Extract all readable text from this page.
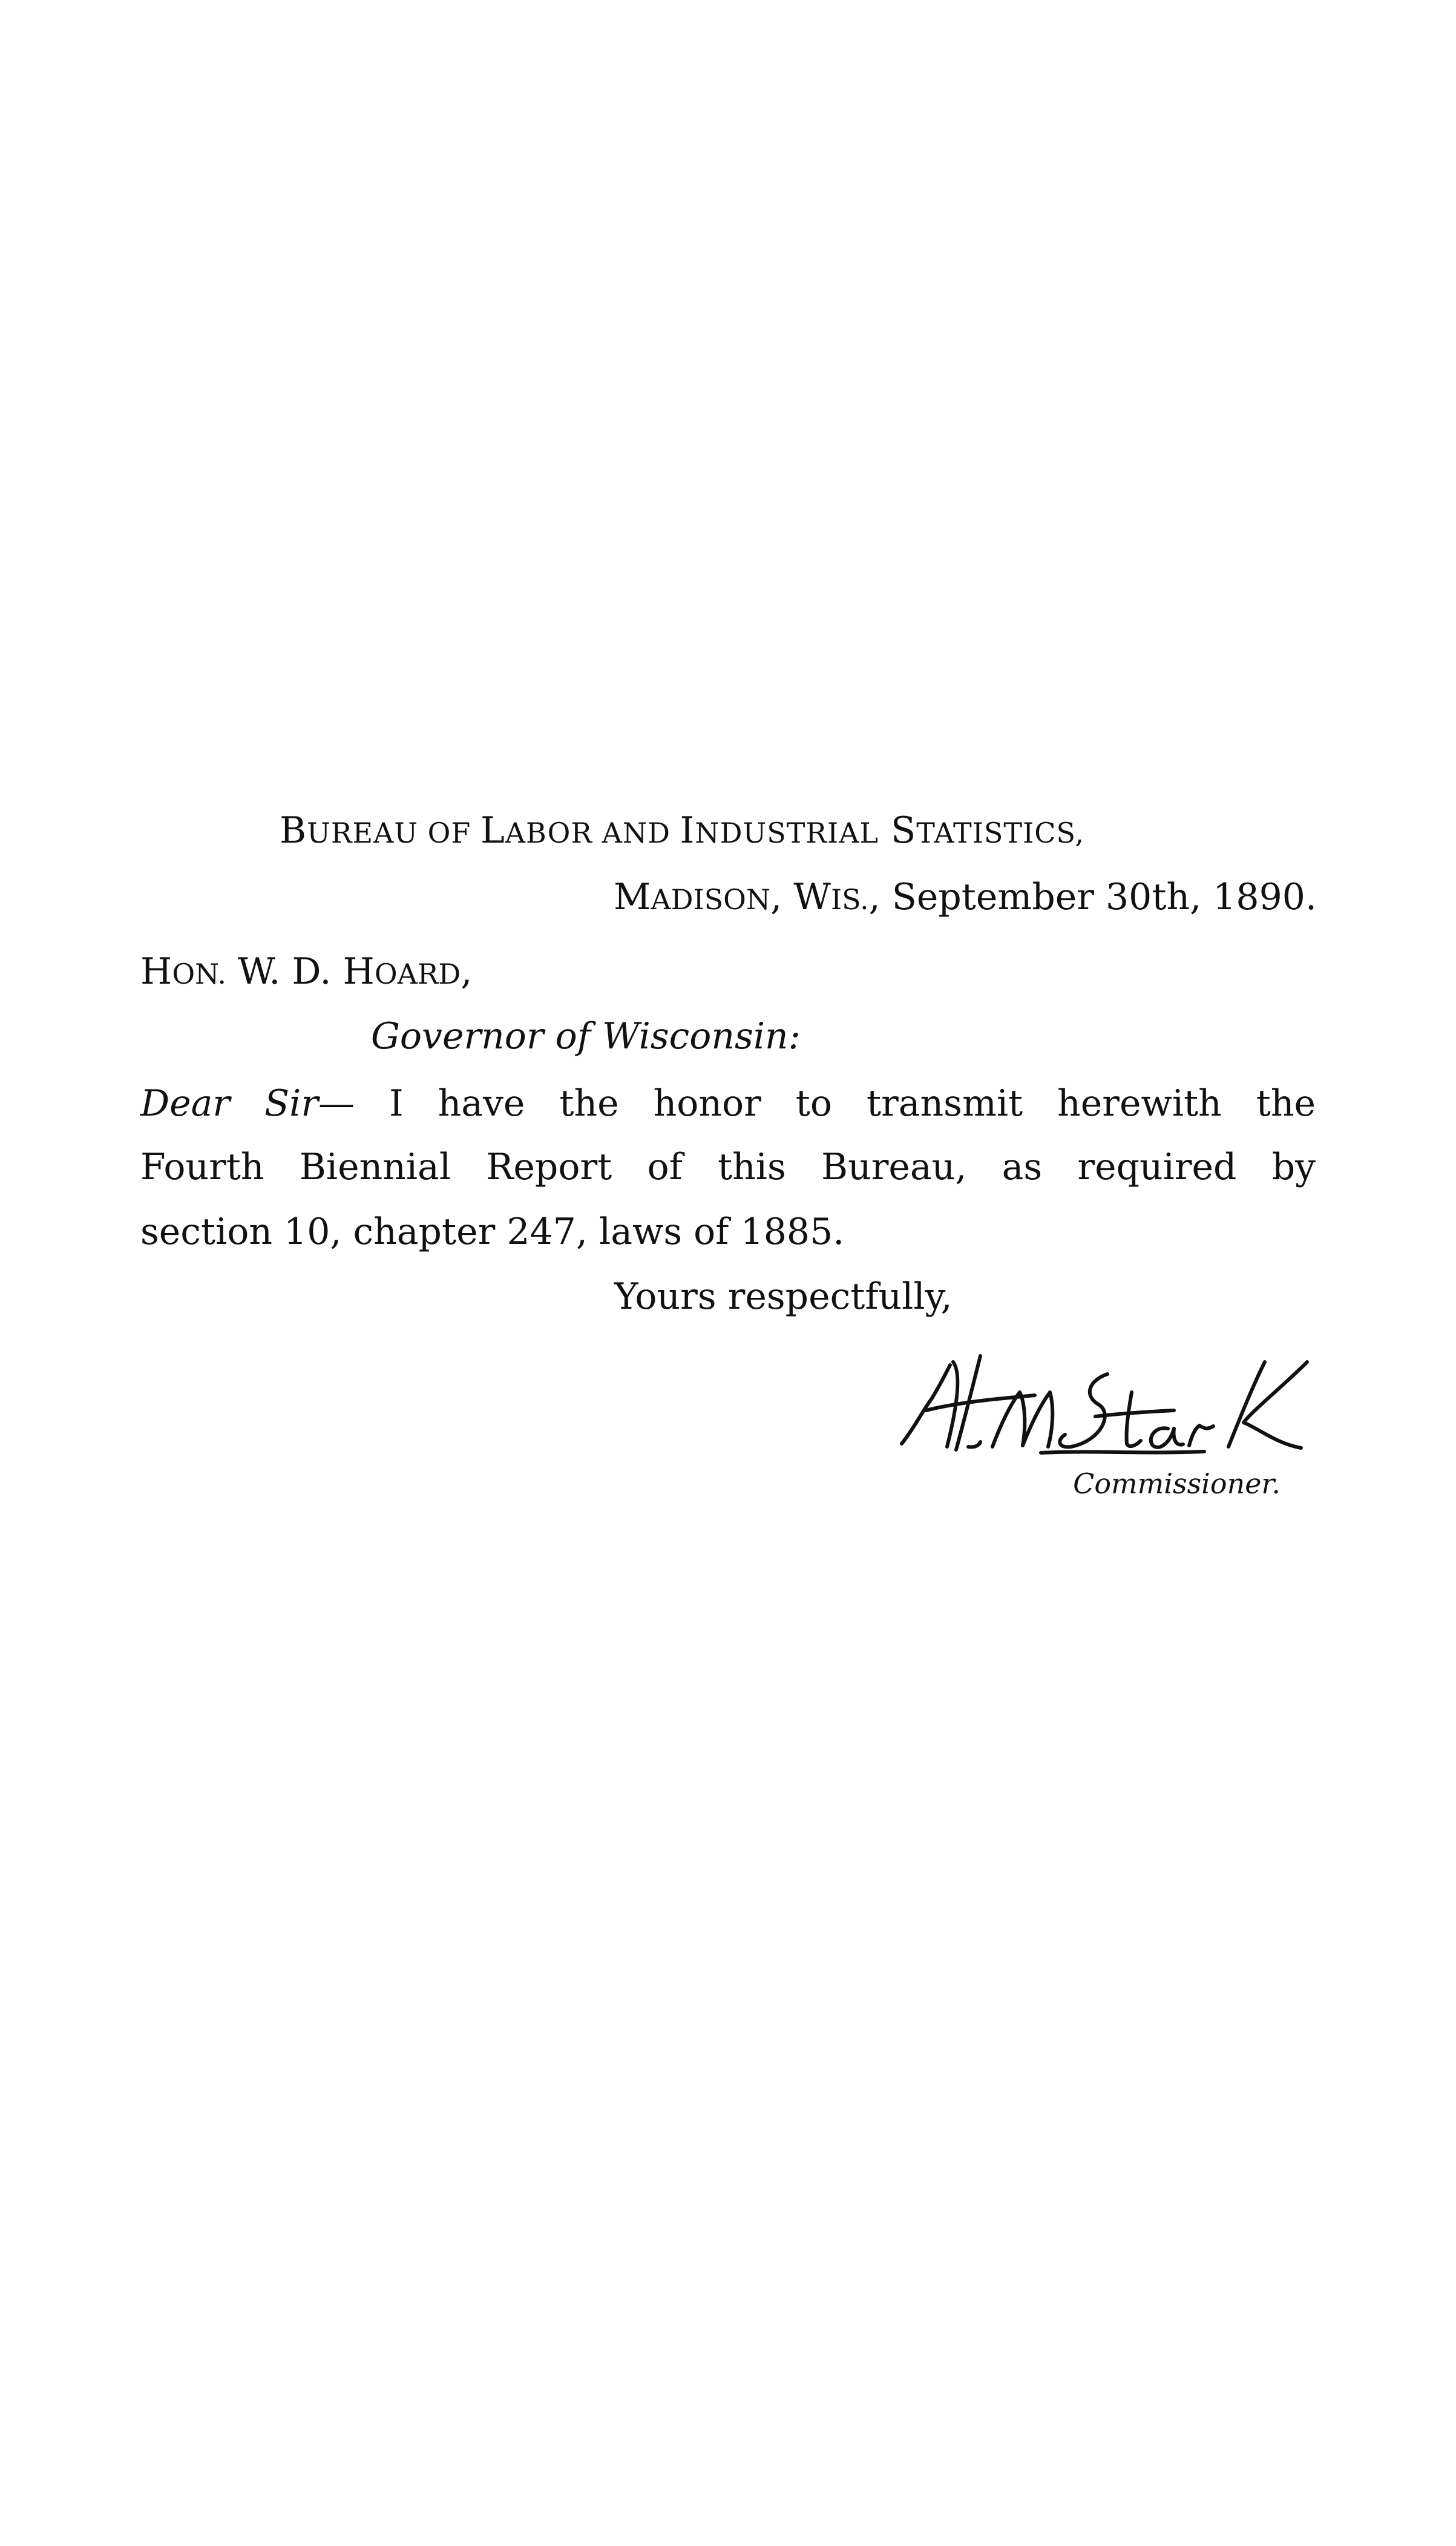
BUREAU OF LABOR AND INDUSTRIAL STATISTICS,
MADISON, WIS., September 30th, 1890.
HON. W. D. HOARD,
Governor of Wisconsin:
Dear Sir— I have the honor to transmit herewith the
Fourth Biennial Report of this Bureau, as required by
section 10, chapter 247, laws of 1885.
Yours respectfully,
Commissioner.
